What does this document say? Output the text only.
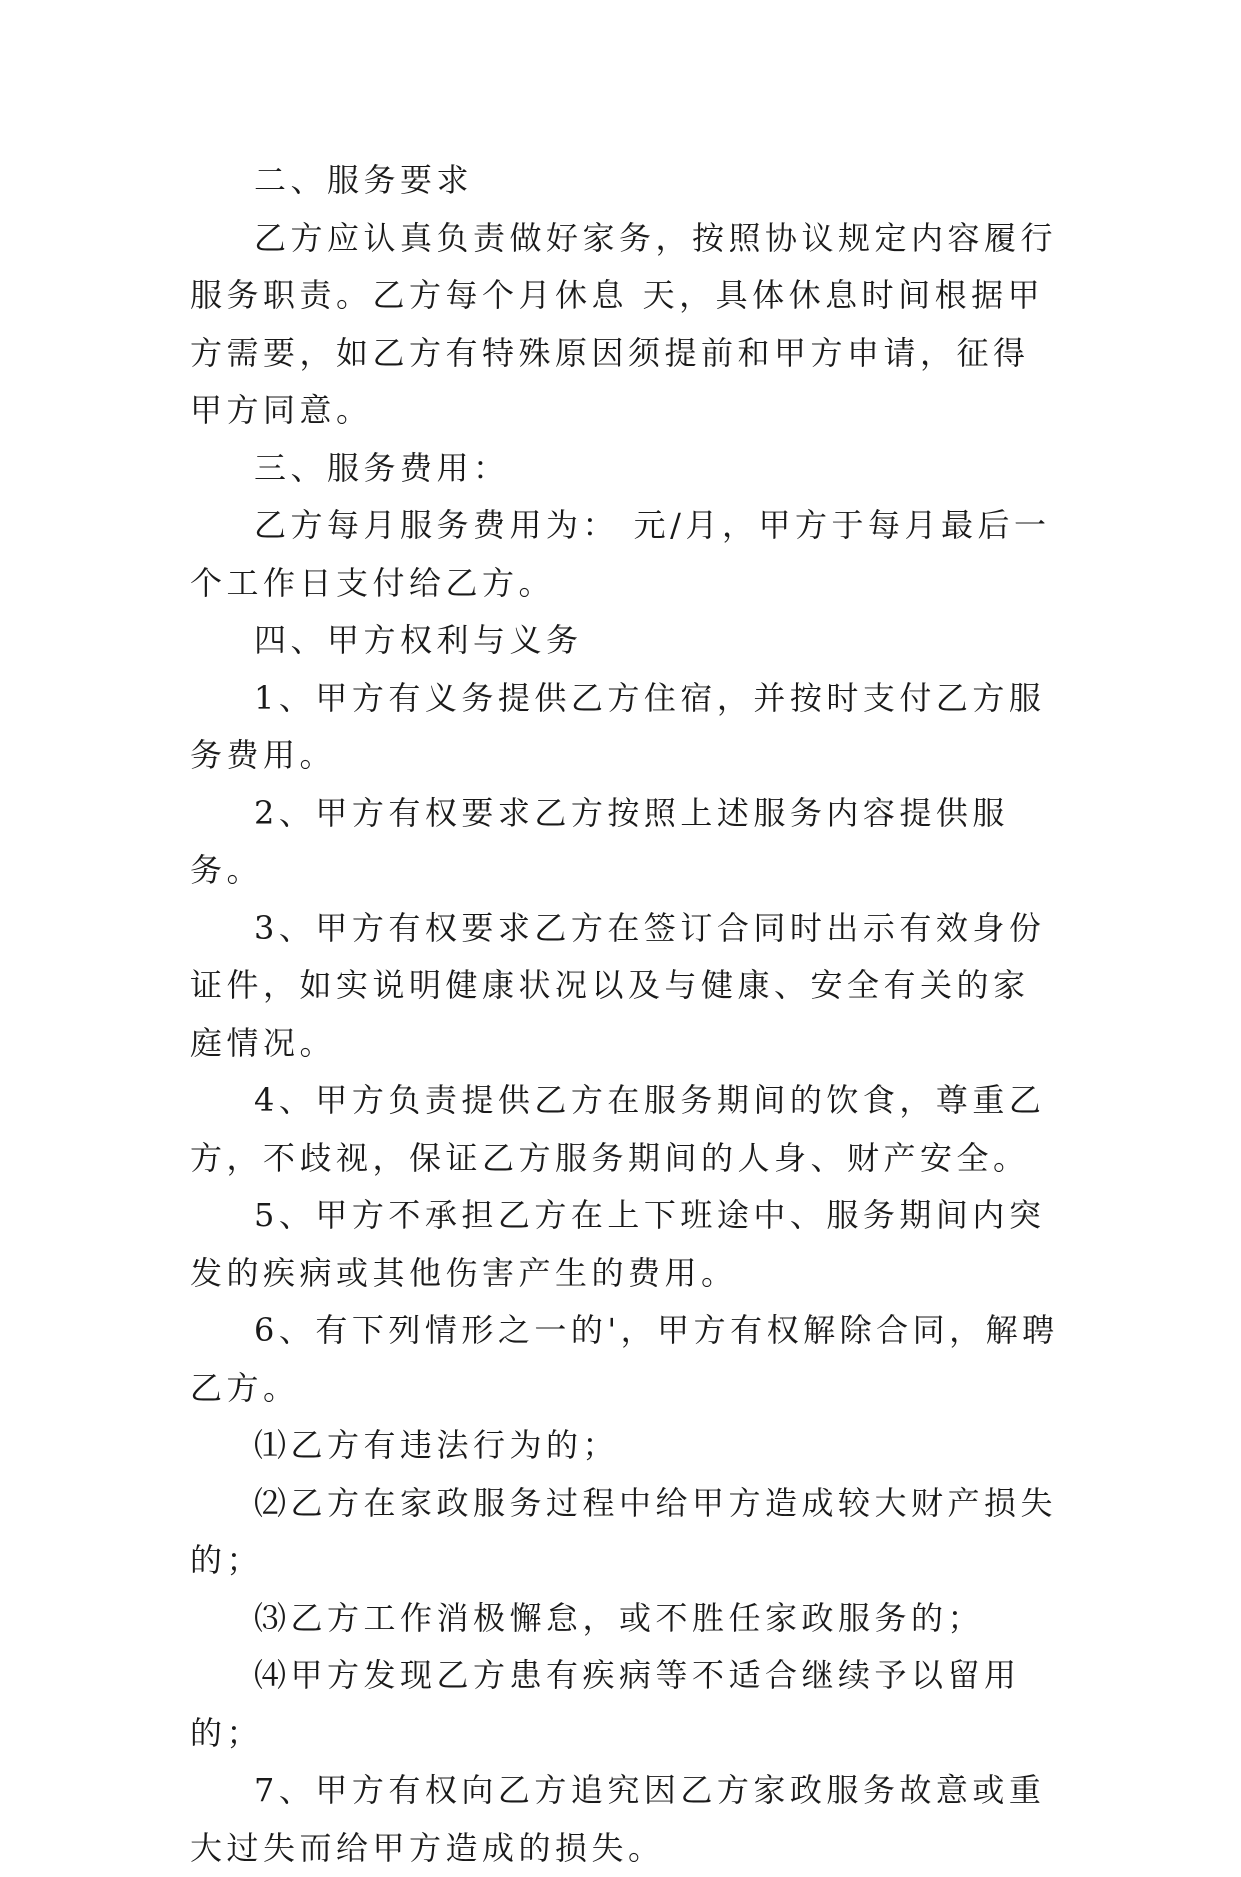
二、服务要求

乙方应认真负责做好家务，按照协议规定内容履行服务职责。乙方每个月休息 天，具体休息时间根据甲方需要，如乙方有特殊原因须提前和甲方申请，征得甲方同意。

三、服务费用：

乙方每月服务费用为： 元/月，甲方于每月最后一个工作日支付给乙方。

四、甲方权利与义务

1、甲方有义务提供乙方住宿，并按时支付乙方服务费用。

2、甲方有权要求乙方按照上述服务内容提供服务。

3、甲方有权要求乙方在签订合同时出示有效身份证件，如实说明健康状况以及与健康、安全有关的家庭情况。

4、甲方负责提供乙方在服务期间的饮食，尊重乙方，不歧视，保证乙方服务期间的人身、财产安全。

5、甲方不承担乙方在上下班途中、服务期间内突发的疾病或其他伤害产生的费用。

6、有下列情形之一的'，甲方有权解除合同，解聘乙方。

⑴乙方有违法行为的；

⑵乙方在家政服务过程中给甲方造成较大财产损失的；

⑶乙方工作消极懈怠，或不胜任家政服务的；

⑷甲方发现乙方患有疾病等不适合继续予以留用的；

7、甲方有权向乙方追究因乙方家政服务故意或重大过失而给甲方造成的损失。
